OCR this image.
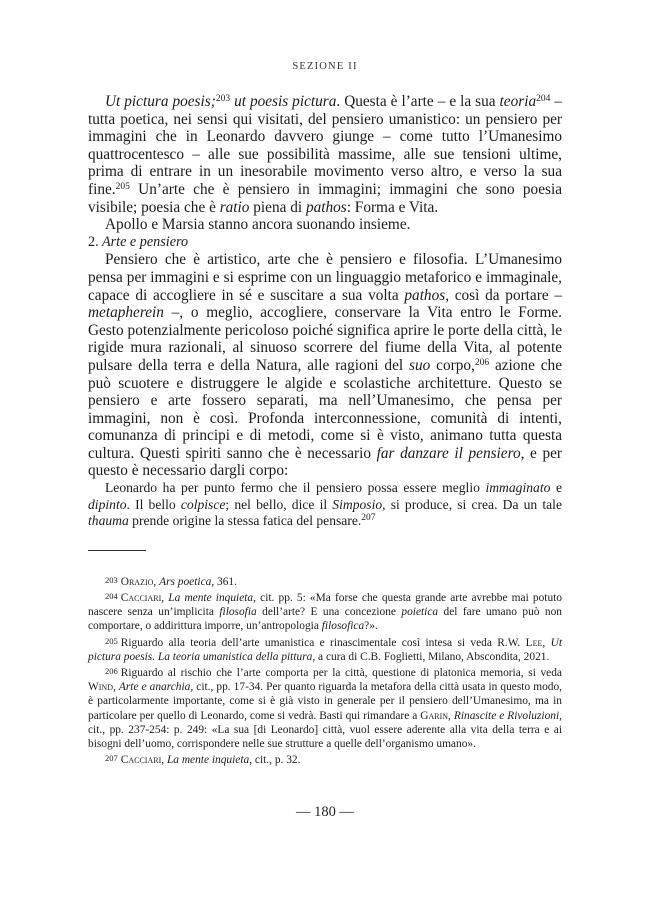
SEZIONE II

Ut pictura poesis;$^{203}$ ut poesis pictura. Questa è l’arte – e la sua teoria$^{204}$ – tutta poetica, nei sensi qui visitati, del pensiero umanistico: un pensiero per immagini che in Leonardo davvero giunge – come tutto l’Umanesimo quattrocentesco – alle sue possibilità massime, alle sue tensioni ultime, prima di entrare in un inesorabile movimento verso altro, e verso la sua fine.$^{205}$ Un’arte che è pensiero in immagini; immagini che sono poesia visibile; poesia che è ratio piena di pathos: Forma e Vita.

Apollo e Marsia stanno ancora suonando insieme.

2. Arte e pensiero

Pensiero che è artistico, arte che è pensiero e filosofia. L’Umanesimo pensa per immagini e si esprime con un linguaggio metaforico e immaginale, capace di accogliere in sé e suscitare a sua volta pathos, così da portare – metapherein –, o meglio, accogliere, conservare la Vita entro le Forme. Gesto potenzialmente pericoloso poiché significa aprire le porte della città, le rigide mura razionali, al sinuoso scorrere del fiume della Vita, al potente pulsare della terra e della Natura, alle ragioni del suo corpo,$^{206}$ azione che può scuotere e distruggere le algide e scolastiche architetture. Questo se pensiero e arte fossero separati, ma nell’Umanesimo, che pensa per immagini, non è così. Profonda interconnessione, comunità di intenti, comunanza di principi e di metodi, come si è visto, animano tutta questa cultura. Questi spiriti sanno che è necessario far danzare il pensiero, e per questo è necessario dargli corpo:

Leonardo ha per punto fermo che il pensiero possa essere meglio immaginato e dipinto. Il bello colpisce; nel bello, dice il Simposio, si produce, si crea. Da un tale thauma prende origine la stessa fatica del pensare.$^{207}$

203 Orazio, Ars poetica, 361.

204 Cacciari, La mente inquieta, cit. pp. 5: «Ma forse che questa grande arte avrebbe mai potuto nascere senza un’implicita filosofia dell’arte? E una concezione poietica del fare umano può non comportare, o addirittura imporre, un’antropologia filosofica?».

205 Riguardo alla teoria dell’arte umanistica e rinascimentale così intesa si veda R.W. Lee, Ut pictura poesis. La teoria umanistica della pittura, a cura di C.B. Foglietti, Milano, Abscondita, 2021.

206 Riguardo al rischio che l’arte comporta per la città, questione di platonica memoria, si veda Wind, Arte e anarchia, cit., pp. 17-34. Per quanto riguarda la metafora della città usata in questo modo, è particolarmente importante, come si è già visto in generale per il pensiero dell’Umanesimo, ma in particolare per quello di Leonardo, come si vedrà. Basti qui rimandare a Garin, Rinascite e Rivoluzioni, cit., pp. 237-254: p. 249: «La sua [di Leonardo] città, vuol essere aderente alla vita della terra e ai bisogni dell’uomo, corrispondere nelle sue strutture a quelle dell’organismo umano».

207 Cacciari, La mente inquieta, cit., p. 32.

— 180 —
